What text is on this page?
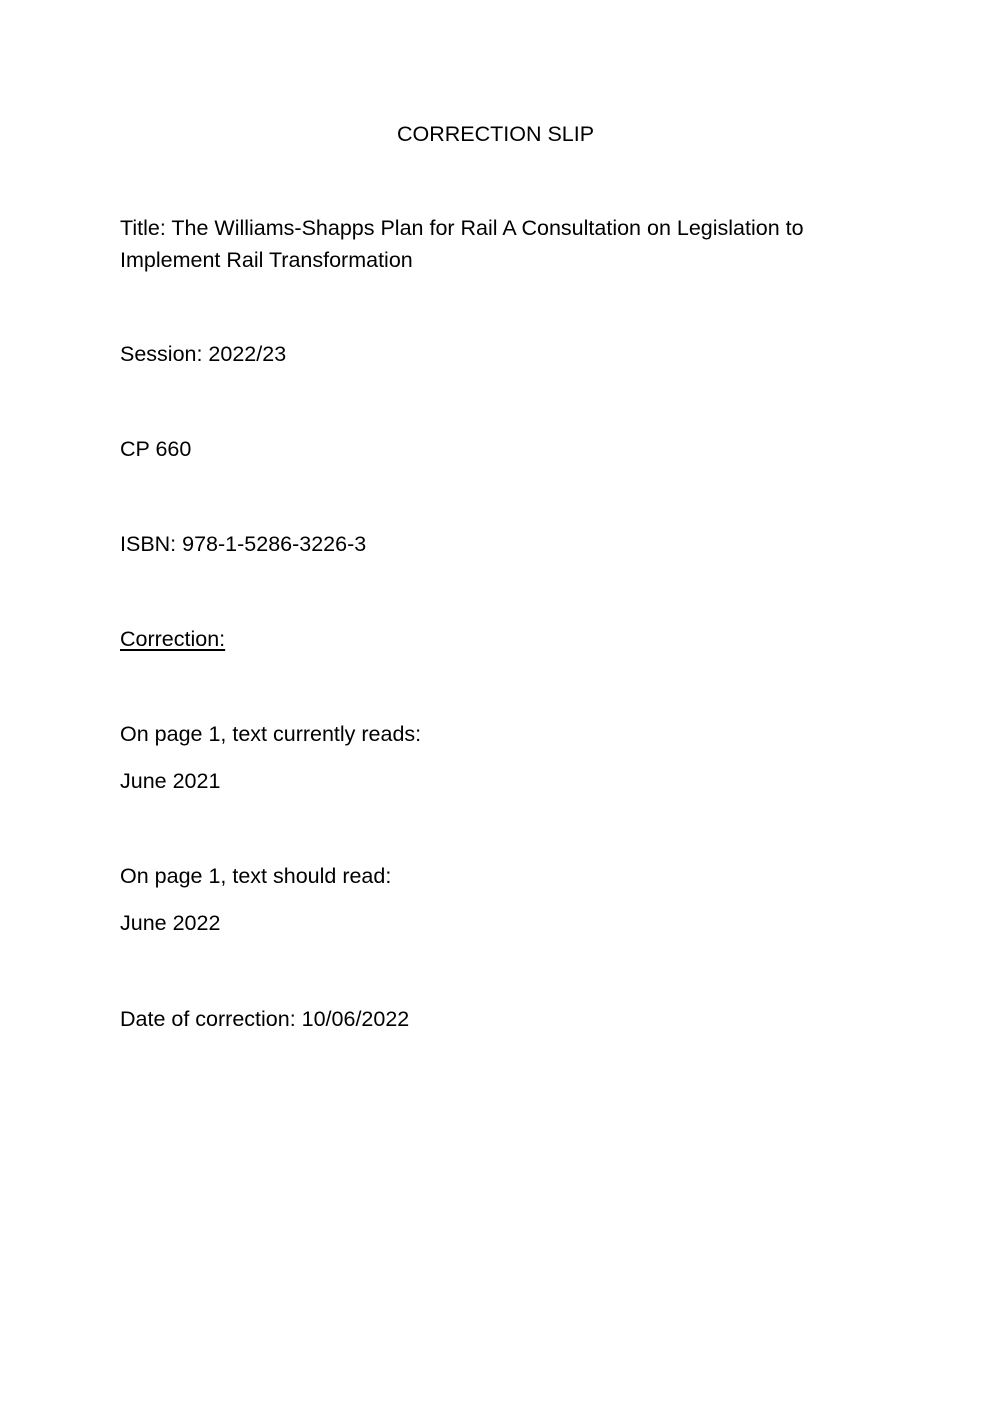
CORRECTION SLIP
Title: The Williams-Shapps Plan for Rail A Consultation on Legislation to
Implement Rail Transformation
Session: 2022/23
CP 660
ISBN: 978-1-5286-3226-3
Correction:
On page 1, text currently reads:
June 2021
On page 1, text should read:
June 2022
Date of correction: 10/06/2022
